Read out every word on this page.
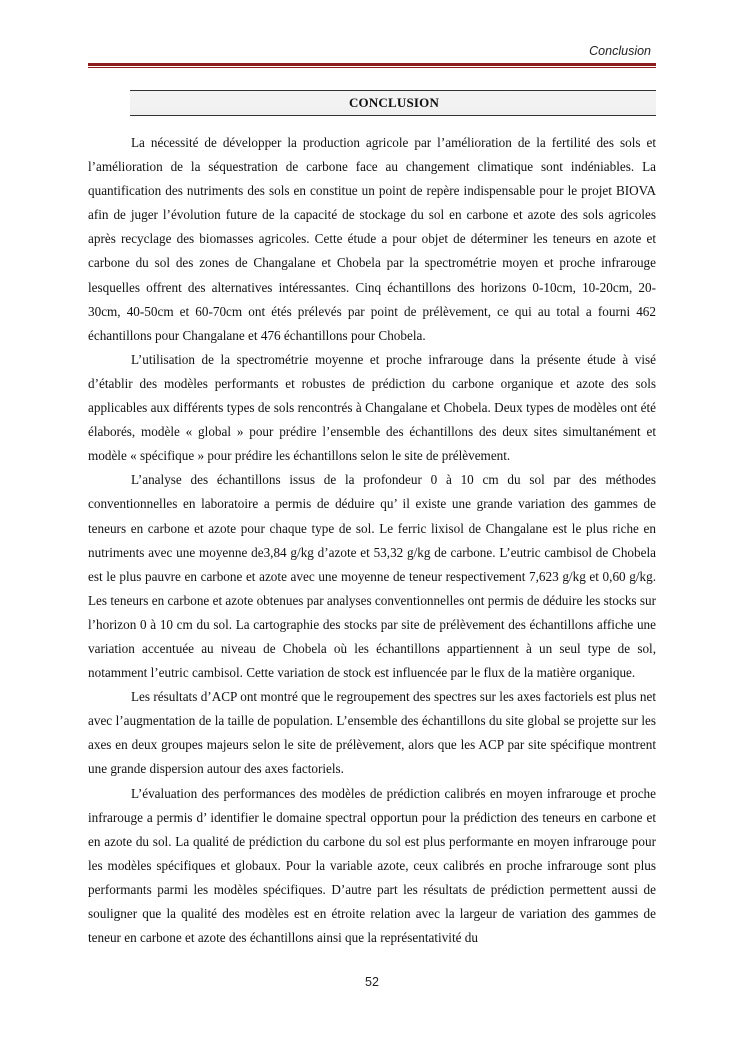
Conclusion
CONCLUSION

La nécessité de développer la production agricole par l’amélioration de la fertilité des sols et l’amélioration de la séquestration de carbone face au changement climatique sont indéniables. La quantification des nutriments des sols en constitue un point de repère indispensable pour le projet BIOVA afin de juger l’évolution future de la capacité de stockage du sol en carbone et azote des sols agricoles après recyclage des biomasses agricoles. Cette étude a pour objet de déterminer les teneurs en azote et carbone du sol des zones de Changalane et Chobela par la spectrométrie moyen et proche infrarouge lesquelles offrent des alternatives intéressantes. Cinq échantillons des horizons 0-10cm, 10-20cm, 20-30cm, 40-50cm et 60-70cm ont étés prélevés par point de prélèvement, ce qui au total a fourni 462 échantillons pour Changalane et 476 échantillons pour Chobela.

L’utilisation de la spectrométrie moyenne et proche infrarouge dans la présente étude à visé d’établir des modèles performants et robustes de prédiction du carbone organique et azote des sols applicables aux différents types de sols rencontrés à Changalane et Chobela. Deux types de modèles ont été élaborés, modèle « global » pour prédire l’ensemble des échantillons des deux sites simultanément et modèle « spécifique » pour prédire les échantillons selon le site de prélèvement.

L’analyse des échantillons issus de la profondeur 0 à 10 cm du sol par des méthodes conventionnelles en laboratoire a permis de déduire qu’ il existe une grande variation des gammes de teneurs en carbone et azote pour chaque type de sol. Le ferric lixisol de Changalane est le plus riche en nutriments avec une moyenne de3,84 g/kg d’azote et 53,32 g/kg de carbone. L’eutric cambisol de Chobela est le plus pauvre en carbone et azote avec une moyenne de teneur respectivement 7,623 g/kg et 0,60 g/kg. Les teneurs en carbone et azote obtenues par analyses conventionnelles ont permis de déduire les stocks sur l’horizon 0 à 10 cm du sol. La cartographie des stocks par site de prélèvement des échantillons affiche une variation accentuée au niveau de Chobela où les échantillons appartiennent à un seul type de sol, notamment l’eutric cambisol. Cette variation de stock est influencée par le flux de la matière organique.

Les résultats d’ACP ont montré que le regroupement des spectres sur les axes factoriels est plus net avec l’augmentation de la taille de population. L’ensemble des échantillons du site global se projette sur les axes en deux groupes majeurs selon le site de prélèvement, alors que les ACP par site spécifique montrent une grande dispersion autour des axes factoriels.

L’évaluation des performances des modèles de prédiction calibrés en moyen infrarouge et proche infrarouge a permis d’ identifier le domaine spectral opportun pour la prédiction des teneurs en carbone et en azote du sol. La qualité de prédiction du carbone du sol est plus performante en moyen infrarouge pour les modèles spécifiques et globaux. Pour la variable azote, ceux calibrés en proche infrarouge sont plus performants parmi les modèles spécifiques. D’autre part les résultats de prédiction permettent aussi de souligner que la qualité des modèles est en étroite relation avec la largeur de variation des gammes de teneur en carbone et azote des échantillons ainsi que la représentativité du

52
